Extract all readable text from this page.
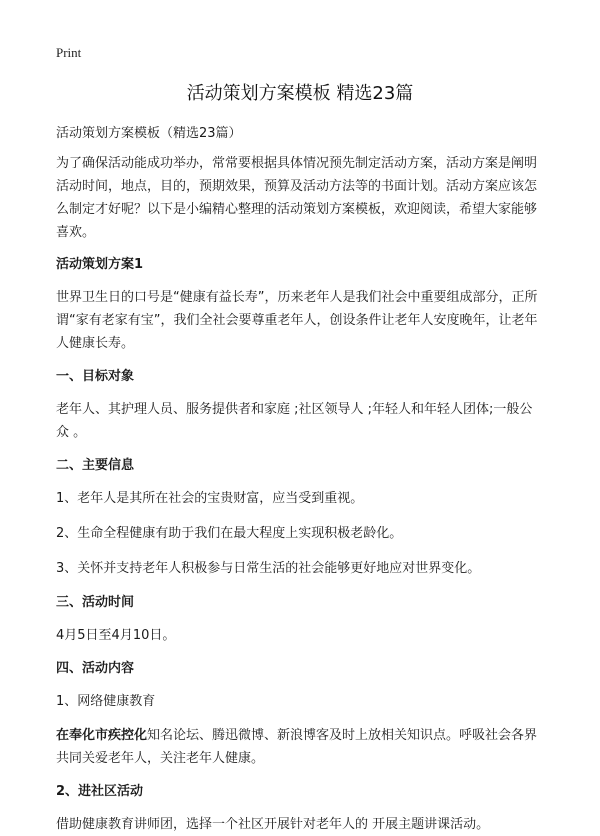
Print
活动策划方案模板 精选23篇
活动策划方案模板（精选23篇）

为了确保活动能成功举办，常常要根据具体情况预先制定活动方案，活动方案是阐明活动时间，地点，目的，预期效果，预算及活动方法等的书面计划。活动方案应该怎么制定才好呢？以下是小编精心整理的活动策划方案模板，欢迎阅读，希望大家能够喜欢。

活动策划方案1

世界卫生日的口号是“健康有益长寿”，历来老年人是我们社会中重要组成部分，正所谓“家有老家有宝”，我们全社会要尊重老年人，创设条件让老年人安度晚年，让老年人健康长寿。

一、目标对象

老年人、其护理人员、服务提供者和家庭 ;社区领导人 ;年轻人和年轻人团体;一般公众 。

二、主要信息

1、老年人是其所在社会的宝贵财富，应当受到重视。

2、生命全程健康有助于我们在最大程度上实现积极老龄化。

3、关怀并支持老年人积极参与日常生活的社会能够更好地应对世界变化。

三、活动时间

4月5日至4月10日。

四、活动内容

1、网络健康教育

在奉化市疾控化知名论坛、腾迅微博、新浪博客及时上放相关知识点。呼吸社会各界共同关爱老年人，关注老年人健康。

2、进社区活动

借助健康教育讲师团，选择一个社区开展针对老年人的 开展主题讲课活动。
